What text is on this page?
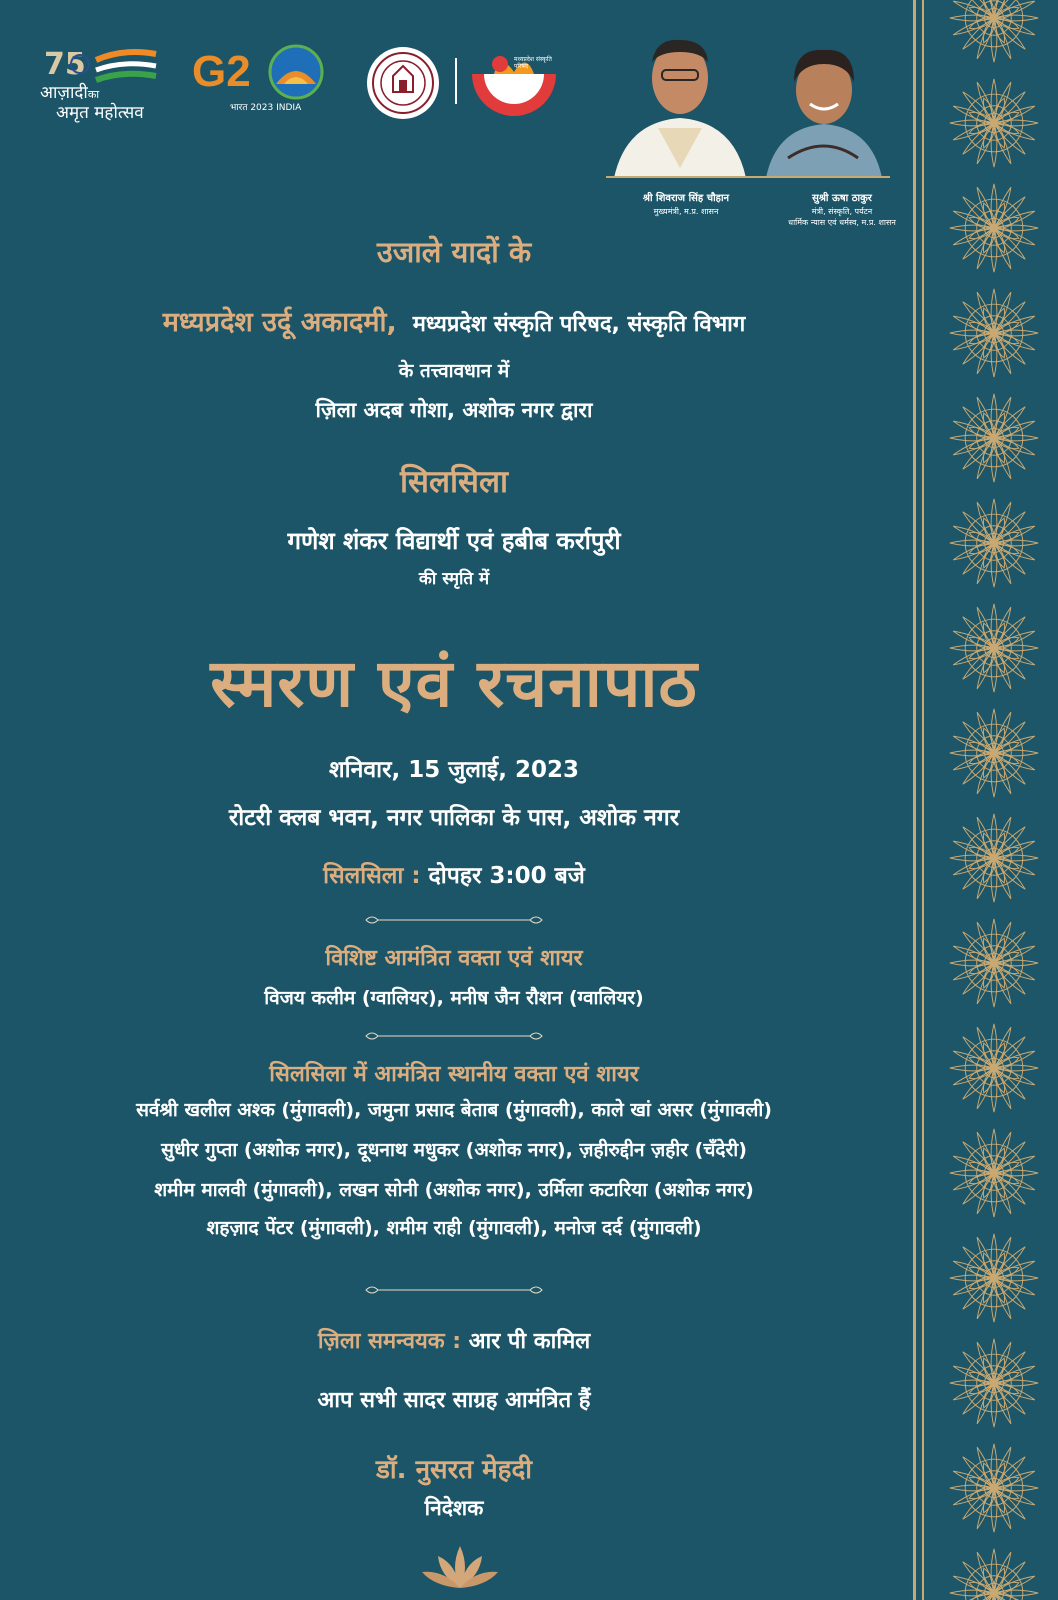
75
आज़ादीका
अमृत महोत्सव
G2
भारत 2023 INDIA
मध्यप्रदेश संस्कृति परिषद
श्री शिवराज सिंह चौहान
मुख्यमंत्री, म.प्र. शासन
सुश्री ऊषा ठाकुर
मंत्री, संस्कृति, पर्यटन
धार्मिक न्यास एवं धर्मस्व, म.प्र. शासन
उजाले यादों के
मध्यप्रदेश उर्दू अकादमी, मध्यप्रदेश संस्कृति परिषद, संस्कृति विभाग
के तत्त्वावधान में
ज़िला अदब गोशा, अशोक नगर द्वारा
सिलसिला
गणेश शंकर विद्यार्थी एवं हबीब कर्रापुरी
की स्मृति में
स्मरण एवं रचनापाठ
शनिवार, 15 जुलाई, 2023
रोटरी क्लब भवन, नगर पालिका के पास, अशोक नगर
सिलसिला : दोपहर 3:00 बजे
विशिष्ट आमंत्रित वक्ता एवं शायर
विजय कलीम (ग्वालियर), मनीष जैन रौशन (ग्वालियर)
सिलसिला में आमंत्रित स्थानीय वक्ता एवं शायर
सर्वश्री खलील अश्क (मुंगावली), जमुना प्रसाद बेताब (मुंगावली), काले खां असर (मुंगावली)
सुधीर गुप्ता (अशोक नगर), दूधनाथ मधुकर (अशोक नगर), ज़हीरुद्दीन ज़हीर (चँदेरी)
शमीम मालवी (मुंगावली), लखन सोनी (अशोक नगर), उर्मिला कटारिया (अशोक नगर)
शहज़ाद पेंटर (मुंगावली), शमीम राही (मुंगावली), मनोज दर्द (मुंगावली)
ज़िला समन्वयक : आर पी कामिल
आप सभी सादर साग्रह आमंत्रित हैं
डॉ. नुसरत मेहदी
निदेशक
